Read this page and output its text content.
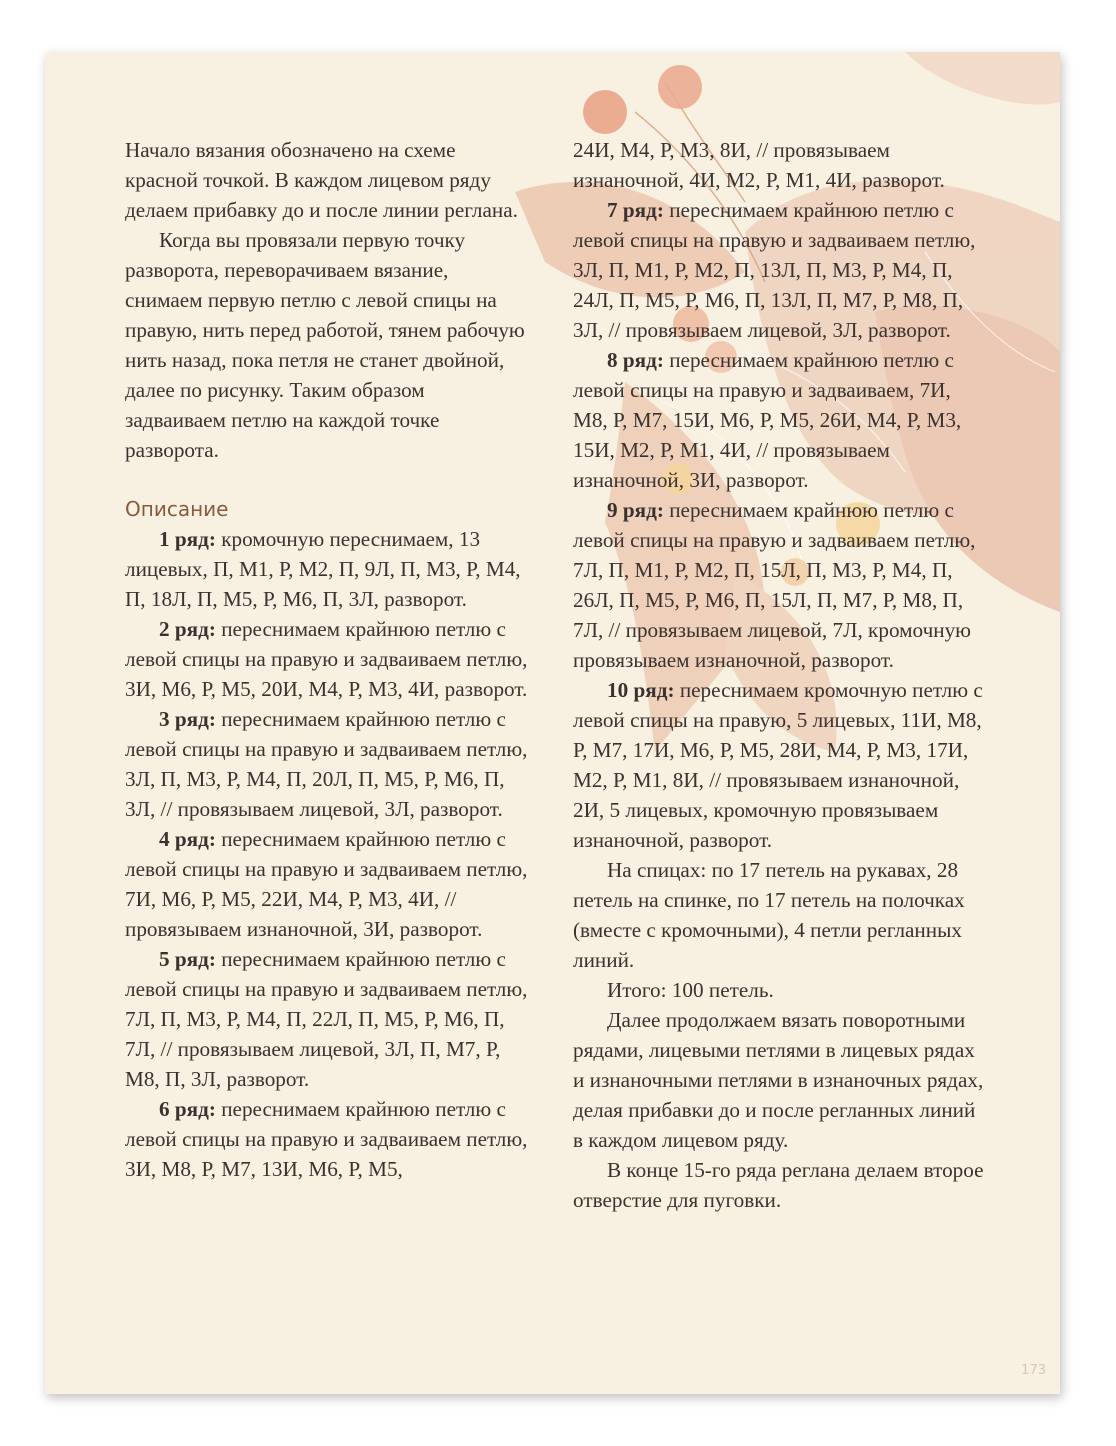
Начало вязания обозначено на схеме красной точкой. В каждом лицевом ряду делаем прибавку до и после линии реглана.

Когда вы провязали первую точку разворота, переворачиваем вязание, снимаем первую петлю с левой спицы на правую, нить перед работой, тянем рабочую нить назад, пока петля не станет двойной, далее по рисунку. Таким образом задваиваем петлю на каждой точке разворота.

Описание

1 ряд: кромочную переснимаем, 13 лицевых, П, М1, Р, М2, П, 9Л, П, М3, Р, М4, П, 18Л, П, М5, Р, М6, П, 3Л, разворот.

2 ряд: переснимаем крайнюю петлю с левой спицы на правую и задваиваем петлю, 3И, М6, Р, М5, 20И, М4, Р, М3, 4И, разворот.

3 ряд: переснимаем крайнюю петлю с левой спицы на правую и задваиваем петлю, 3Л, П, М3, Р, М4, П, 20Л, П, М5, Р, М6, П, 3Л, // провязываем лицевой, 3Л, разворот.

4 ряд: переснимаем крайнюю петлю с левой спицы на правую и задваиваем петлю, 7И, М6, Р, М5, 22И, М4, Р, М3, 4И, // провязываем изнаночной, 3И, разворот.

5 ряд: переснимаем крайнюю петлю с левой спицы на правую и задваиваем петлю, 7Л, П, М3, Р, М4, П, 22Л, П, М5, Р, М6, П, 7Л, // провязываем лицевой, 3Л, П, М7, Р, М8, П, 3Л, разворот.

6 ряд: переснимаем крайнюю петлю с левой спицы на правую и задваиваем петлю, 3И, М8, Р, М7, 13И, М6, Р, М5,

24И, М4, Р, М3, 8И, // провязываем изнаночной, 4И, М2, Р, М1, 4И, разворот.

7 ряд: переснимаем крайнюю петлю с левой спицы на правую и задваиваем петлю, 3Л, П, М1, Р, М2, П, 13Л, П, М3, Р, М4, П, 24Л, П, М5, Р, М6, П, 13Л, П, М7, Р, М8, П, 3Л, // провязываем лицевой, 3Л, разворот.

8 ряд: переснимаем крайнюю петлю с левой спицы на правую и задваиваем, 7И, М8, Р, М7, 15И, М6, Р, М5, 26И, М4, Р, М3, 15И, М2, Р, М1, 4И, // провязываем изнаночной, 3И, разворот.

9 ряд: переснимаем крайнюю петлю с левой спицы на правую и задваиваем петлю, 7Л, П, М1, Р, М2, П, 15Л, П, М3, Р, М4, П, 26Л, П, М5, Р, М6, П, 15Л, П, М7, Р, М8, П, 7Л, // провязываем лицевой, 7Л, кромочную провязываем изнаночной, разворот.

10 ряд: переснимаем кромочную петлю с левой спицы на правую, 5 лицевых, 11И, М8, Р, М7, 17И, М6, Р, М5, 28И, М4, Р, М3, 17И, М2, Р, М1, 8И, // провязываем изнаночной, 2И, 5 лицевых, кромочную провязываем изнаночной, разворот.

На спицах: по 17 петель на рукавах, 28 петель на спинке, по 17 петель на полочках (вместе с кромочными), 4 петли регланных линий.

Итого: 100 петель.

Далее продолжаем вязать поворотными рядами, лицевыми петлями в лицевых рядах и изнаночными петлями в изнаночных рядах, делая прибавки до и после регланных линий в каждом лицевом ряду.

В конце 15-го ряда реглана делаем второе отверстие для пуговки.

173
